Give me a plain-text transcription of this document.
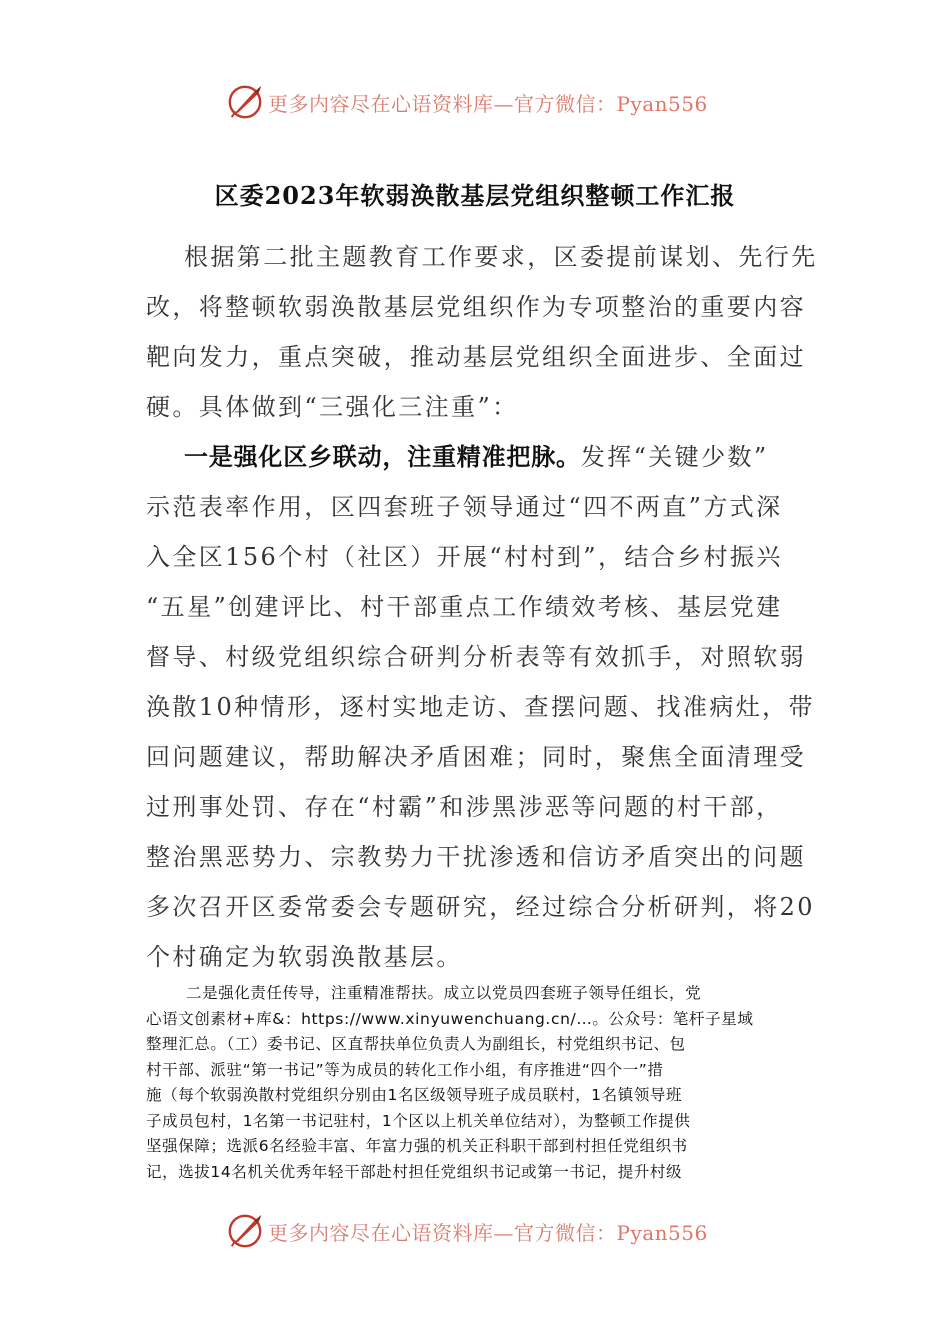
更多内容尽在心语资料库—官方微信：Pyan556
区委2023年软弱涣散基层党组织整顿工作汇报
根据第二批主题教育工作要求，区委提前谋划、先行先
改，将整顿软弱涣散基层党组织作为专项整治的重要内容
靶向发力，重点突破，推动基层党组织全面进步、全面过
硬。具体做到“三强化三注重”：
一是强化区乡联动，注重精准把脉。发挥“关键少数”
示范表率作用，区四套班子领导通过“四不两直”方式深
入全区156个村（社区）开展“村村到”，结合乡村振兴
“五星”创建评比、村干部重点工作绩效考核、基层党建
督导、村级党组织综合研判分析表等有效抓手，对照软弱
涣散10种情形，逐村实地走访、查摆问题、找准病灶，带
回问题建议，帮助解决矛盾困难；同时，聚焦全面清理受
过刑事处罚、存在“村霸”和涉黑涉恶等问题的村干部，
整治黑恶势力、宗教势力干扰渗透和信访矛盾突出的问题
多次召开区委常委会专题研究，经过综合分析研判，将20
个村确定为软弱涣散基层。
二是强化责任传导，注重精准帮扶。成立以党员四套班子领导任组长，党
心语文创素材+库&：https://www.xinyuwenchuang.cn/…。公众号：笔杆子星域
整理汇总。（工）委书记、区直帮扶单位负责人为副组长，村党组织书记、包
村干部、派驻“第一书记”等为成员的转化工作小组，有序推进“四个一”措
施（每个软弱涣散村党组织分别由1名区级领导班子成员联村，1名镇领导班
子成员包村，1名第一书记驻村，1个区以上机关单位结对），为整顿工作提供
坚强保障；选派6名经验丰富、年富力强的机关正科职干部到村担任党组织书
记，选拔14名机关优秀年轻干部赴村担任党组织书记或第一书记，提升村级
更多内容尽在心语资料库—官方微信：Pyan556
